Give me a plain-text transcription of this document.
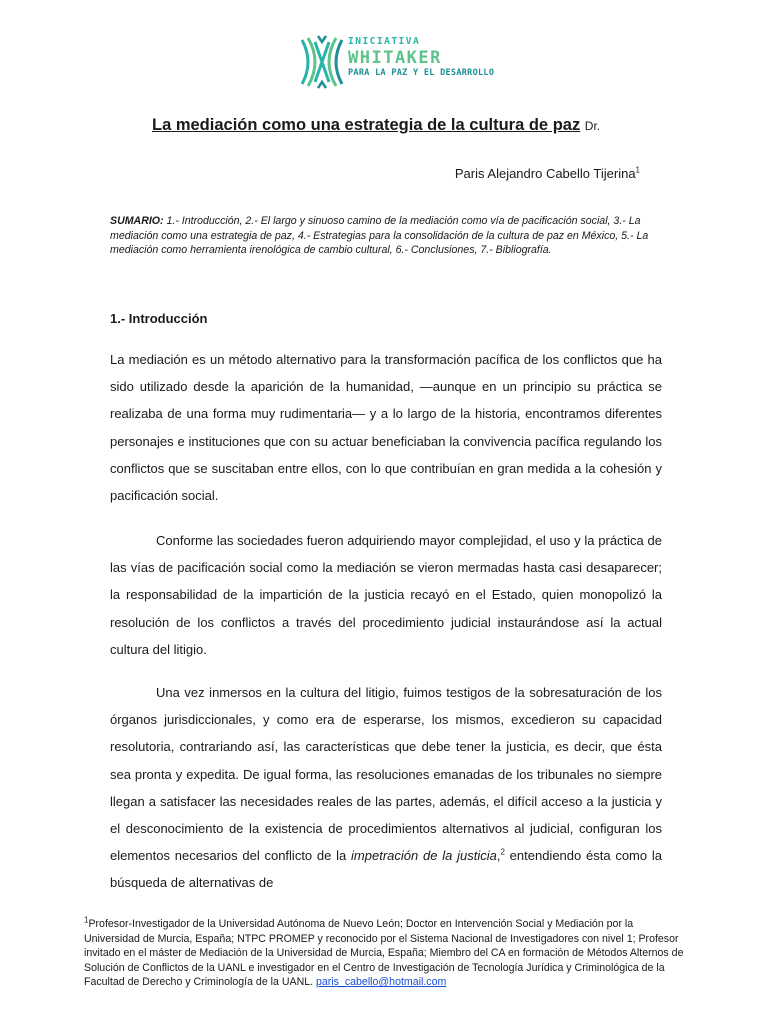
INICIATIVA
WHITAKER
PARA LA PAZ Y EL DESARROLLO
La mediación como una estrategia de la cultura de paz Dr.
Paris Alejandro Cabello Tijerina$^1$
SUMARIO: 1.- Introducción, 2.- El largo y sinuoso camino de la mediación como vía de pacificación social, 3.- La mediación como una estrategia de paz, 4.- Estrategias para la consolidación de la cultura de paz en México, 5.- La mediación como herramienta irenológica de cambio cultural, 6.- Conclusiones, 7.- Bibliografía.
1.- Introducción

La mediación es un método alternativo para la transformación pacífica de los conflictos que ha sido utilizado desde la aparición de la humanidad, —aunque en un principio su práctica se realizaba de una forma muy rudimentaria— y a lo largo de la historia, encontramos diferentes personajes e instituciones que con su actuar beneficiaban la convivencia pacífica regulando los conflictos que se suscitaban entre ellos, con lo que contribuían en gran medida a la cohesión y pacificación social.

Conforme las sociedades fueron adquiriendo mayor complejidad, el uso y la práctica de las vías de pacificación social como la mediación se vieron mermadas hasta casi desaparecer; la responsabilidad de la impartición de la justicia recayó en el Estado, quien monopolizó la resolución de los conflictos a través del procedimiento judicial instaurándose así la actual cultura del litigio.

Una vez inmersos en la cultura del litigio, fuimos testigos de la sobresaturación de los órganos jurisdiccionales, y como era de esperarse, los mismos, excedieron su capacidad resolutoria, contrariando así, las características que debe tener la justicia, es decir, que ésta sea pronta y expedita. De igual forma, las resoluciones emanadas de los tribunales no siempre llegan a satisfacer las necesidades reales de las partes, además, el difícil acceso a la justicia y el desconocimiento de la existencia de procedimientos alternativos al judicial, configuran los elementos necesarios del conflicto de la impetración de la justicia,$^2$ entendiendo ésta como la búsqueda de alternativas de

$^1$Profesor-Investigador de la Universidad Autónoma de Nuevo León; Doctor en Intervención Social y Mediación por la Universidad de Murcia, España; NTPC PROMEP y reconocido por el Sistema Nacional de Investigadores con nivel 1; Profesor invitado en el máster de Mediación de la Universidad de Murcia, España; Miembro del CA en formación de Métodos Alternos de Solución de Conflictos de la UANL e investigador en el Centro de Investigación de Tecnología Jurídica y Criminológica de la Facultad de Derecho y Criminología de la UANL. paris_cabello@hotmail.com
